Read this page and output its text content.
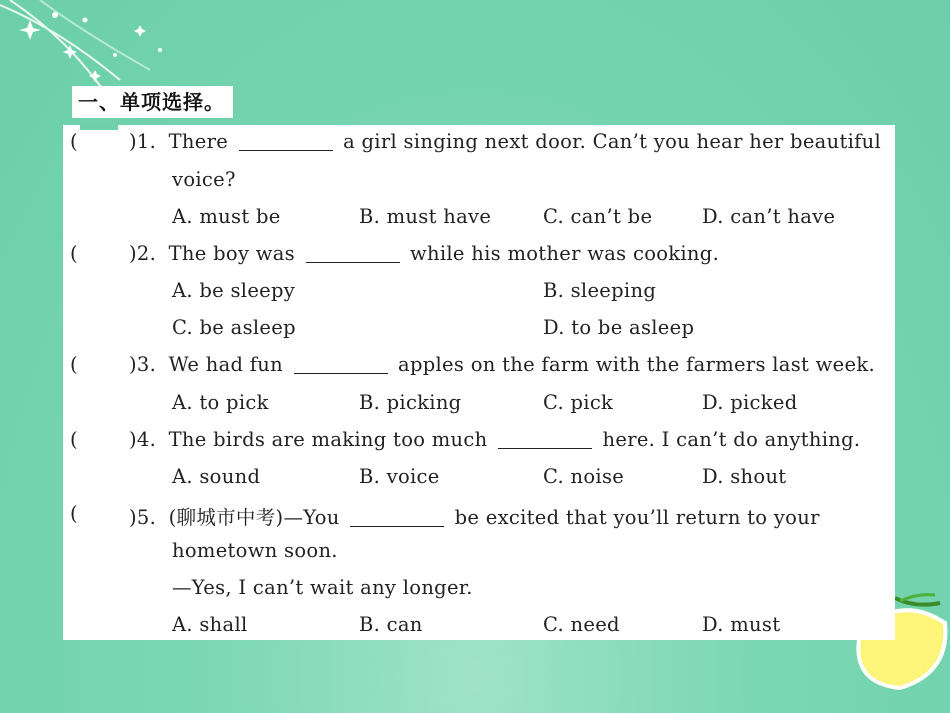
一、单项选择。
(	)1. There	a girl singing next door. Can’t you hear her beautiful
voice?
A. must be	B. must have	C. can’t be	D. can’t have
(	)2. The boy was	while his mother was cooking.
A. be sleepy	B. sleeping
C. be asleep	D. to be asleep
(	)3. We had fun	apples on the farm with the farmers last week.
A. to pick	B. picking	C. pick	D. picked
(	)4. The birds are making too much	here. I can’t do anything.
A. sound	B. voice	C. noise	D. shout
(	)5. (聊城市中考)—You	be excited that you’ll return to your
hometown soon.
—Yes, I can’t wait any longer.
A. shall	B. can	C. need	D. must
